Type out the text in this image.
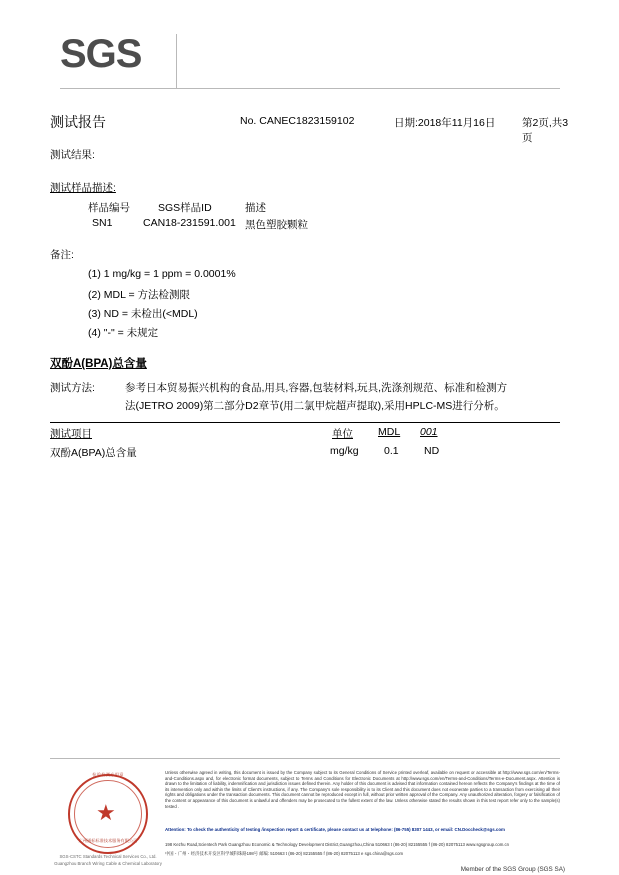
SGS
测试报告	No. CANEC1823159102	日期:2018年11月16日	第2页,共3页
测试结果:
测试样品描述:
样品编号	SGS样品ID	描述
SN1	CAN18-231591.001 黑色塑胶颗粒
备注:
(1) 1 mg/kg = 1 ppm = 0.0001%
(2) MDL = 方法检测限
(3) ND = 未检出(<MDL)
(4) "-" = 未规定
双酚A(BPA)总含量
测试方法:	参考日本贸易振兴机构的食品,用具,容器,包装材料,玩具,洗涤剂规范、标准和检测方
法(JETRO 2009)第二部分D2章节(用二氯甲烷超声提取),采用HPLC-MS进行分析。
测试项目	单位 MDL 001
双酚A(BPA)总含量	mg/kg 0.1 ND
★
检验检测专用章
广州通标标准技术服务有限公司
SGS-CSTC Standards Technical Services Co., Ltd.
Guangzhou Branch Wiring Cable & Chemical Laboratory
Unless otherwise agreed in writing, this document is issued by the Company subject to its General Conditions of Service printed overleaf, available on request or accessible at http://www.sgs.com/en/Terms-and-Conditions.aspx and, for electronic format documents, subject to Terms and Conditions for Electronic Documents at http://www.sgs.com/en/Terms-and-Conditions/Terms-e-Document.aspx. Attention is drawn to the limitation of liability, indemnification and jurisdiction issues defined therein. Any holder of this document is advised that information contained hereon reflects the Company's findings at the time of its intervention only and within the limits of Client's instructions, if any. The Company's sole responsibility is to its Client and this document does not exonerate parties to a transaction from exercising all their rights and obligations under the transaction documents. This document cannot be reproduced except in full, without prior written approval of the Company. Any unauthorized alteration, forgery or falsification of the content or appearance of this document is unlawful and offenders may be prosecuted to the fullest extent of the law. Unless otherwise stated the results shown in this test report refer only to the sample(s) tested .
Attention: To check the authenticity of testing /inspection report & certificate, please contact us at telephone: (86-755) 8307 1443, or email: CN.Doccheck@sgs.com
198 Kezhu Road,Scientech Park Guangzhou Economic & Technology Development District,Guangzhou,China 510663 t (86-20) 82155555 f (86-20) 82075113 www.sgsgroup.com.cn
中国・广州・经济技术开发区科学城科珠路198号 邮编: 510663 t (86-20) 82155555 f (86-20) 82075113 e sgs.china@sgs.com
Member of the SGS Group (SGS SA)
